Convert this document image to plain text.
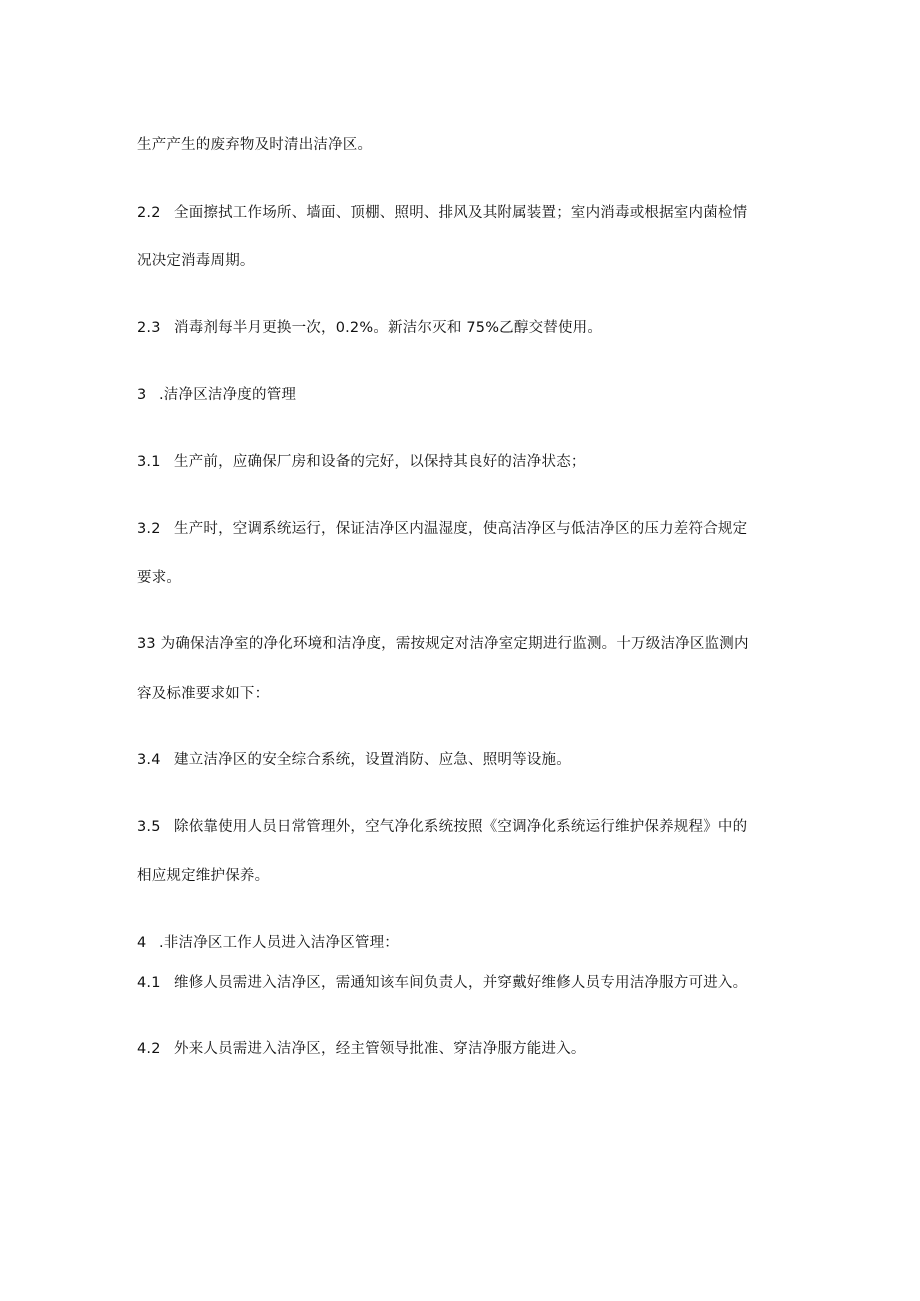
生产产生的废弃物及时清出洁净区。
2.2 全面擦拭工作场所、墙面、顶棚、照明、排风及其附属装置；室内消毒或根据室内菌检情
况决定消毒周期。
2.3 消毒剂每半月更换一次，0.2%。新洁尔灭和 75%乙醇交替使用。
3 .洁净区洁净度的管理
3.1 生产前，应确保厂房和设备的完好，以保持其良好的洁净状态；
3.2 生产时，空调系统运行，保证洁净区内温湿度，使高洁净区与低洁净区的压力差符合规定
要求。
33 为确保洁净室的净化环境和洁净度，需按规定对洁净室定期进行监测。十万级洁净区监测内
容及标准要求如下：
3.4 建立洁净区的安全综合系统，设置消防、应急、照明等设施。
3.5 除依靠使用人员日常管理外，空气净化系统按照《空调净化系统运行维护保养规程》中的
相应规定维护保养。
4 .非洁净区工作人员进入洁净区管理：
4.1 维修人员需进入洁净区，需通知该车间负责人，并穿戴好维修人员专用洁净服方可进入。
4.2 外来人员需进入洁净区，经主管领导批准、穿洁净服方能进入。
